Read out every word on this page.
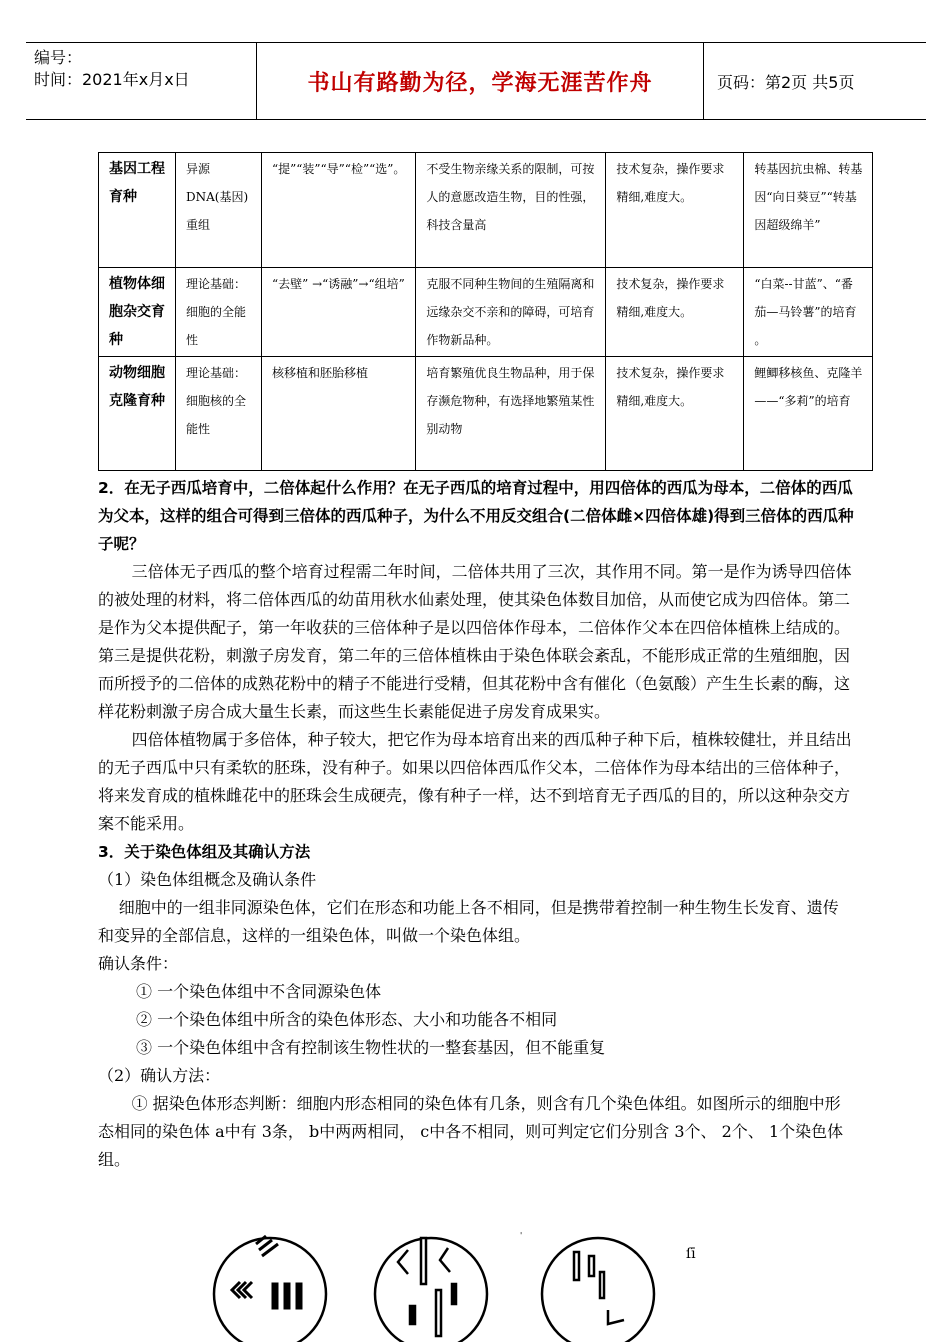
编号：
时间：2021年x月x日	书山有路勤为径，学海无涯苦作舟	页码：第2页 共5页
基因工程育种	异源DNA(基因)重组	“提”“装”“导”“检”“选”。	不受生物亲缘关系的限制，可按人的意愿改造生物，目的性强，科技含量高	技术复杂，操作要求精细,难度大。	转基因抗虫棉、转基因“向日葵豆”“转基因超级绵羊”
植物体细胞杂交育种	理论基础：细胞的全能性	“去壁” →“诱融”→“组培”	克服不同种生物间的生殖隔离和远缘杂交不亲和的障碍，可培育作物新品种。	技术复杂，操作要求精细,难度大。	“白菜--甘蓝”、“番茄—马铃薯”的培育 。
动物细胞克隆育种	理论基础：细胞核的全能性	核移植和胚胎移植	培育繁殖优良生物品种，用于保存濒危物种，有选择地繁殖某性别动物	技术复杂，操作要求精细,难度大。	鲤鲫移核鱼、克隆羊——“多莉”的培育

2．在无子西瓜培育中，二倍体起什么作用？在无子西瓜的培育过程中，用四倍体的西瓜为母本，二倍体的西瓜为父本，这样的组合可得到三倍体的西瓜种子，为什么不用反交组合(二倍体雌×四倍体雄)得到三倍体的西瓜种子呢？

三倍体无子西瓜的整个培育过程需二年时间，二倍体共用了三次，其作用不同。第一是作为诱导四倍体的被处理的材料，将二倍体西瓜的幼苗用秋水仙素处理，使其染色体数目加倍，从而使它成为四倍体。第二是作为父本提供配子，第一年收获的三倍体种子是以四倍体作母本，二倍体作父本在四倍体植株上结成的。第三是提供花粉，刺激子房发育，第二年的三倍体植株由于染色体联会紊乱，不能形成正常的生殖细胞，因而所授予的二倍体的成熟花粉中的精子不能进行受精，但其花粉中含有催化（色氨酸）产生生长素的酶，这样花粉刺激子房合成大量生长素，而这些生长素能促进子房发育成果实。

四倍体植物属于多倍体，种子较大，把它作为母本培育出来的西瓜种子种下后，植株较健壮，并且结出的无子西瓜中只有柔软的胚珠，没有种子。如果以四倍体西瓜作父本，二倍体作为母本结出的三倍体种子，将来发育成的植株雌花中的胚珠会生成硬壳，像有种子一样，达不到培育无子西瓜的目的，所以这种杂交方案不能采用。

3．关于染色体组及其确认方法

（1）染色体组概念及确认条件

细胞中的一组非同源染色体，它们在形态和功能上各不相同，但是携带着控制一种生物生长发育、遗传和变异的全部信息，这样的一组染色体，叫做一个染色体组。

确认条件：

① 一个染色体组中不含同源染色体

② 一个染色体组中所含的染色体形态、大小和功能各不相同

③ 一个染色体组中含有控制该生物性状的一整套基因，但不能重复

（2）确认方法：

① 据染色体形态判断：细胞内形态相同的染色体有几条，则含有几个染色体组。如图所示的细胞中形态相同的染色体 a中有 3条， b中两两相同， c中各不相同，则可判定它们分别含 3个、 2个、 1个染色体组。

'
ſī
